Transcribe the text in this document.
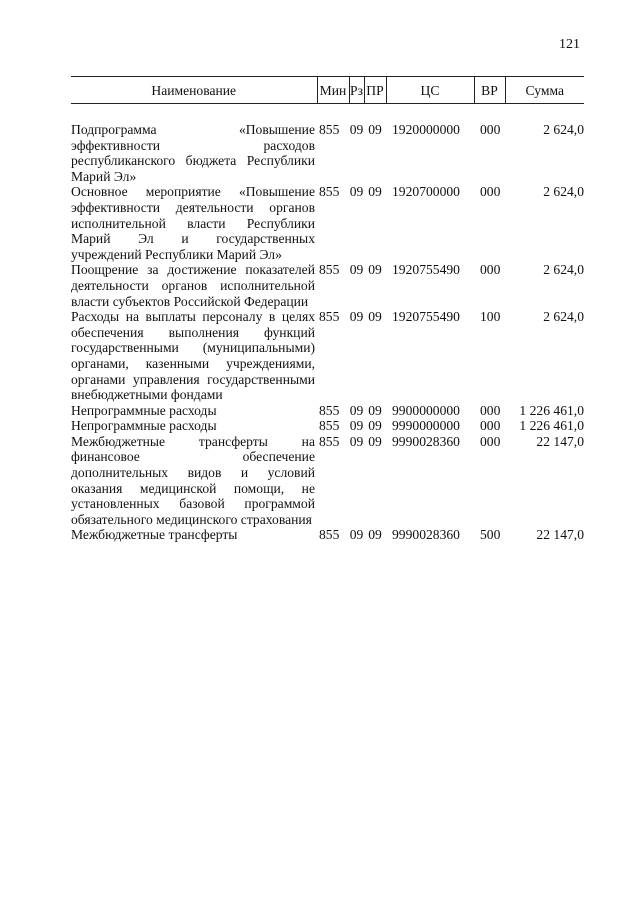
121
Наименование	Мин	Рз	ПР	ЦС	ВР	Сумма

Подпрограмма «Повышение эффективности расходов республиканского бюджета Республики Марий Эл»	855	09	09	1920000000	000	2 624,0
Основное мероприятие «Повышение эффективности деятельности органов исполнительной власти Республики Марий Эл и государственных учреждений Республики Марий Эл»	855	09	09	1920700000	000	2 624,0
Поощрение за достижение показателей деятельности органов исполнительной власти субъектов Российской Федерации	855	09	09	1920755490	000	2 624,0
Расходы на выплаты персоналу в целях обеспечения выполнения функций государственными (муниципальными) органами, казенными учреждениями, органами управления государственными внебюджетными фондами	855	09	09	1920755490	100	2 624,0
Непрограммные расходы	855	09	09	9900000000	000	1 226 461,0
Непрограммные расходы	855	09	09	9990000000	000	1 226 461,0
Межбюджетные трансферты на финансовое обеспечение дополнительных видов и условий оказания медицинской помощи, не установленных базовой программой обязательного медицинского страхования	855	09	09	9990028360	000	22 147,0
Межбюджетные трансферты	855	09	09	9990028360	500	22 147,0
